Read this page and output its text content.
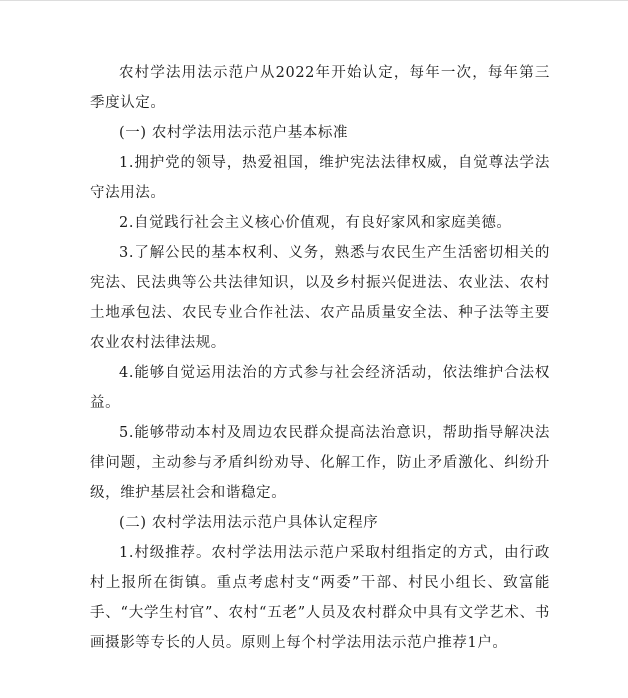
农村学法用法示范户从2022年开始认定，每年一次，每年第三季度认定。

(一) 农村学法用法示范户基本标准

1.拥护党的领导，热爱祖国，维护宪法法律权威，自觉尊法学法守法用法。

2.自觉践行社会主义核心价值观，有良好家风和家庭美德。

3.了解公民的基本权利、义务，熟悉与农民生产生活密切相关的宪法、民法典等公共法律知识，以及乡村振兴促进法、农业法、农村土地承包法、农民专业合作社法、农产品质量安全法、种子法等主要农业农村法律法规。

4.能够自觉运用法治的方式参与社会经济活动，依法维护合法权益。

5.能够带动本村及周边农民群众提高法治意识，帮助指导解决法律问题，主动参与矛盾纠纷劝导、化解工作，防止矛盾激化、纠纷升级，维护基层社会和谐稳定。

(二) 农村学法用法示范户具体认定程序

1.村级推荐。农村学法用法示范户采取村组指定的方式，由行政村上报所在街镇。重点考虑村支“两委”干部、村民小组长、致富能手、“大学生村官”、农村“五老”人员及农村群众中具有文学艺术、书画摄影等专长的人员。原则上每个村学法用法示范户推荐1户。
